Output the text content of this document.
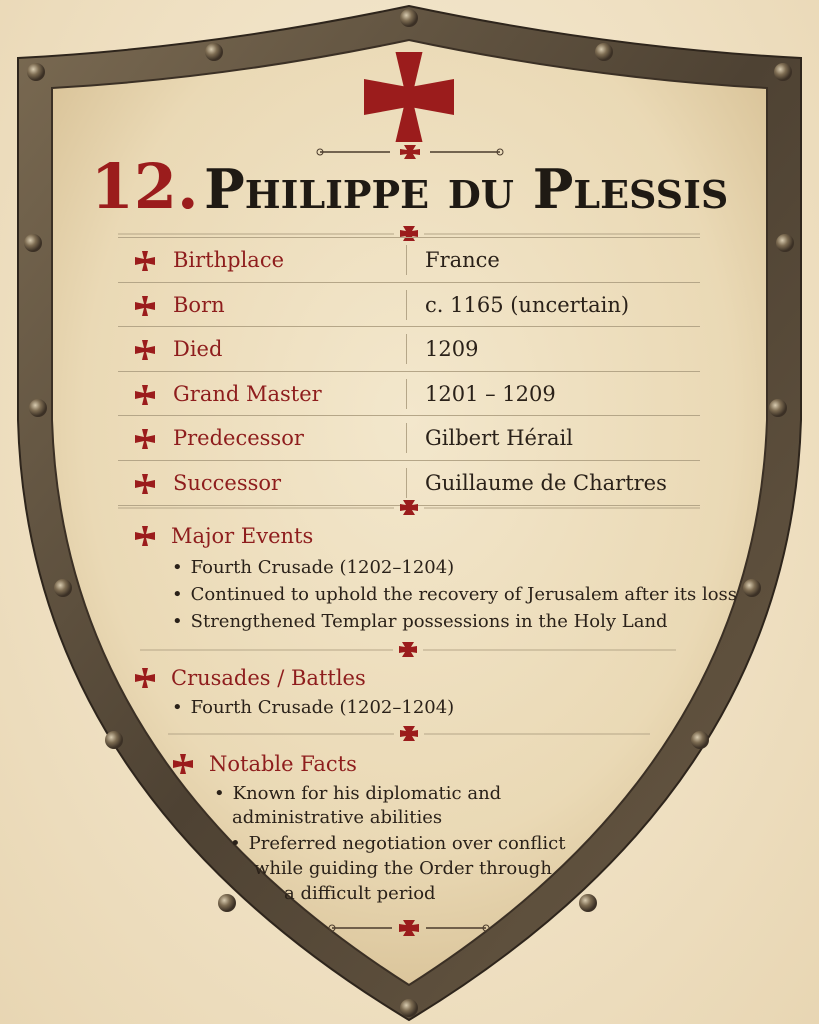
12. Philippe du Plessis
Birthplace	France
Born	c. 1165 (uncertain)
Died	1209
Grand Master	1201 – 1209
Predecessor	Gilbert Hérail
Successor	Guillaume de Chartres
Major Events
• Fourth Crusade (1202–1204)
• Continued to uphold the recovery of Jerusalem after its loss
• Strengthened Templar possessions in the Holy Land
Crusades / Battles
• Fourth Crusade (1202–1204)
Notable Facts
• Known for his diplomatic and
administrative abilities
• Preferred negotiation over conflict
while guiding the Order through
a difficult period
